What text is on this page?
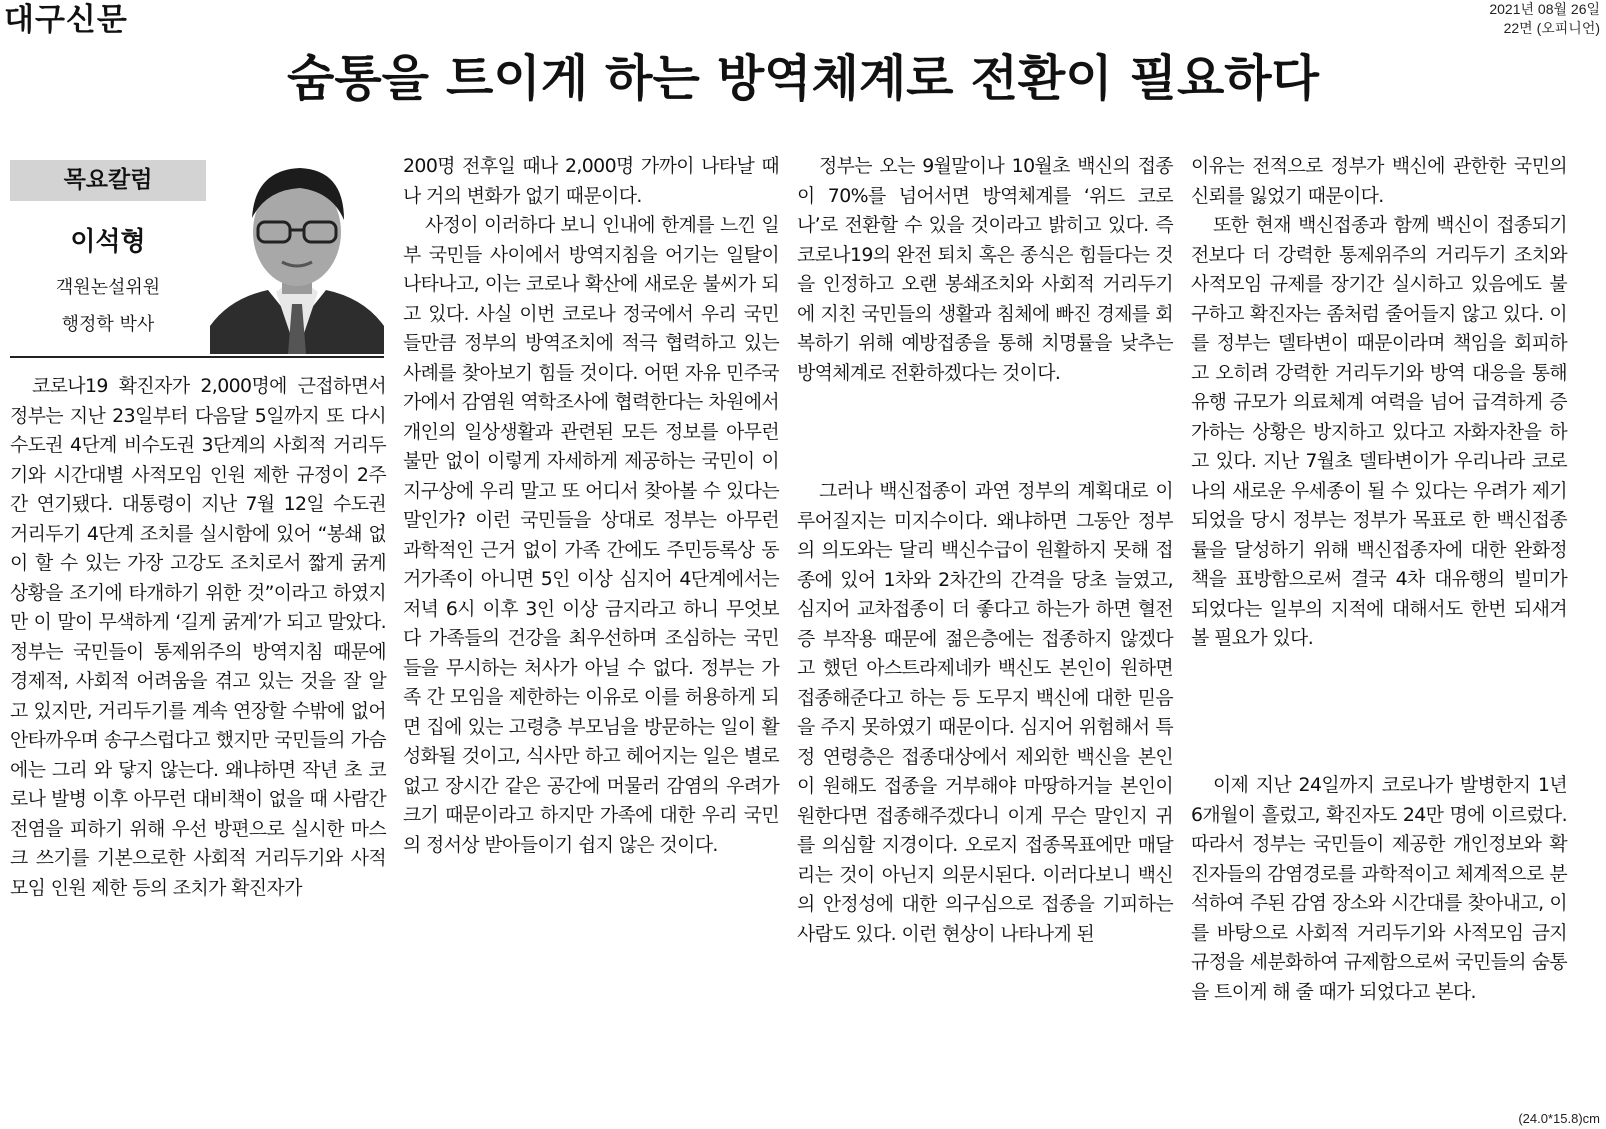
대구신문	2021년 08월 26일
22면 (오피니언)
숨통을 트이게 하는 방역체계로 전환이 필요하다
목요칼럼
이석형
객원논설위원
행정학 박사

코로나19 확진자가 2,000명에 근접하면서 정부는 지난 23일부터 다음달 5일까지 또 다시 수도권 4단계 비수도권 3단계의 사회적 거리두기와 시간대별 사적모임 인원 제한 규정이 2주간 연기됐다. 대통령이 지난 7월 12일 수도권 거리두기 4단계 조치를 실시함에 있어 “봉쇄 없이 할 수 있는 가장 고강도 조치로서 짧게 굵게 상황을 조기에 타개하기 위한 것”이라고 하였지만 이 말이 무색하게 ‘길게 굵게’가 되고 말았다. 정부는 국민들이 통제위주의 방역지침 때문에 경제적, 사회적 어려움을 겪고 있는 것을 잘 알고 있지만, 거리두기를 계속 연장할 수밖에 없어 안타까우며 송구스럽다고 했지만 국민들의 가슴에는 그리 와 닿지 않는다. 왜냐하면 작년 초 코로나 발병 이후 아무런 대비책이 없을 때 사람간 전염을 피하기 위해 우선 방편으로 실시한 마스크 쓰기를 기본으로한 사회적 거리두기와 사적모임 인원 제한 등의 조치가 확진자가

200명 전후일 때나 2,000명 가까이 나타날 때나 거의 변화가 없기 때문이다.

사정이 이러하다 보니 인내에 한계를 느낀 일부 국민들 사이에서 방역지침을 어기는 일탈이 나타나고, 이는 코로나 확산에 새로운 불씨가 되고 있다. 사실 이번 코로나 정국에서 우리 국민들만큼 정부의 방역조치에 적극 협력하고 있는 사례를 찾아보기 힘들 것이다. 어떤 자유 민주국가에서 감염원 역학조사에 협력한다는 차원에서 개인의 일상생활과 관련된 모든 정보를 아무런 불만 없이 이렇게 자세하게 제공하는 국민이 이 지구상에 우리 말고 또 어디서 찾아볼 수 있다는 말인가? 이런 국민들을 상대로 정부는 아무런 과학적인 근거 없이 가족 간에도 주민등록상 동거가족이 아니면 5인 이상 심지어 4단계에서는 저녁 6시 이후 3인 이상 금지라고 하니 무엇보다 가족들의 건강을 최우선하며 조심하는 국민들을 무시하는 처사가 아닐 수 없다. 정부는 가족 간 모임을 제한하는 이유로 이를 허용하게 되면 집에 있는 고령층 부모님을 방문하는 일이 활성화될 것이고, 식사만 하고 헤어지는 일은 별로 없고 장시간 같은 공간에 머물러 감염의 우려가 크기 때문이라고 하지만 가족에 대한 우리 국민의 정서상 받아들이기 쉽지 않은 것이다.

정부는 오는 9월말이나 10월초 백신의 접종이 70%를 넘어서면 방역체계를 ‘위드 코로나’로 전환할 수 있을 것이라고 밝히고 있다. 즉 코로나19의 완전 퇴치 혹은 종식은 힘들다는 것을 인정하고 오랜 봉쇄조치와 사회적 거리두기에 지친 국민들의 생활과 침체에 빠진 경제를 회복하기 위해 예방접종을 통해 치명률을 낮추는 방역체계로 전환하겠다는 것이다.

그러나 백신접종이 과연 정부의 계획대로 이루어질지는 미지수이다. 왜냐하면 그동안 정부의 의도와는 달리 백신수급이 원활하지 못해 접종에 있어 1차와 2차간의 간격을 당초 늘였고, 심지어 교차접종이 더 좋다고 하는가 하면 혈전증 부작용 때문에 젊은층에는 접종하지 않겠다고 했던 아스트라제네카 백신도 본인이 원하면 접종해준다고 하는 등 도무지 백신에 대한 믿음을 주지 못하였기 때문이다. 심지어 위험해서 특정 연령층은 접종대상에서 제외한 백신을 본인이 원해도 접종을 거부해야 마땅하거늘 본인이 원한다면 접종해주겠다니 이게 무슨 말인지 귀를 의심할 지경이다. 오로지 접종목표에만 매달리는 것이 아닌지 의문시된다. 이러다보니 백신의 안정성에 대한 의구심으로 접종을 기피하는 사람도 있다. 이런 현상이 나타나게 된

이유는 전적으로 정부가 백신에 관한한 국민의 신뢰를 잃었기 때문이다.

또한 현재 백신접종과 함께 백신이 접종되기 전보다 더 강력한 통제위주의 거리두기 조치와 사적모임 규제를 장기간 실시하고 있음에도 불구하고 확진자는 좀처럼 줄어들지 않고 있다. 이를 정부는 델타변이 때문이라며 책임을 회피하고 오히려 강력한 거리두기와 방역 대응을 통해 유행 규모가 의료체계 여력을 넘어 급격하게 증가하는 상황은 방지하고 있다고 자화자찬을 하고 있다. 지난 7월초 델타변이가 우리나라 코로나의 새로운 우세종이 될 수 있다는 우려가 제기되었을 당시 정부는 정부가 목표로 한 백신접종률을 달성하기 위해 백신접종자에 대한 완화정책을 표방함으로써 결국 4차 대유행의 빌미가 되었다는 일부의 지적에 대해서도 한번 되새겨 볼 필요가 있다.

이제 지난 24일까지 코로나가 발병한지 1년 6개월이 흘렀고, 확진자도 24만 명에 이르렀다. 따라서 정부는 국민들이 제공한 개인정보와 확진자들의 감염경로를 과학적이고 체계적으로 분석하여 주된 감염 장소와 시간대를 찾아내고, 이를 바탕으로 사회적 거리두기와 사적모임 금지 규정을 세분화하여 규제함으로써 국민들의 숨통을 트이게 해 줄 때가 되었다고 본다.

(24.0*15.8)cm
